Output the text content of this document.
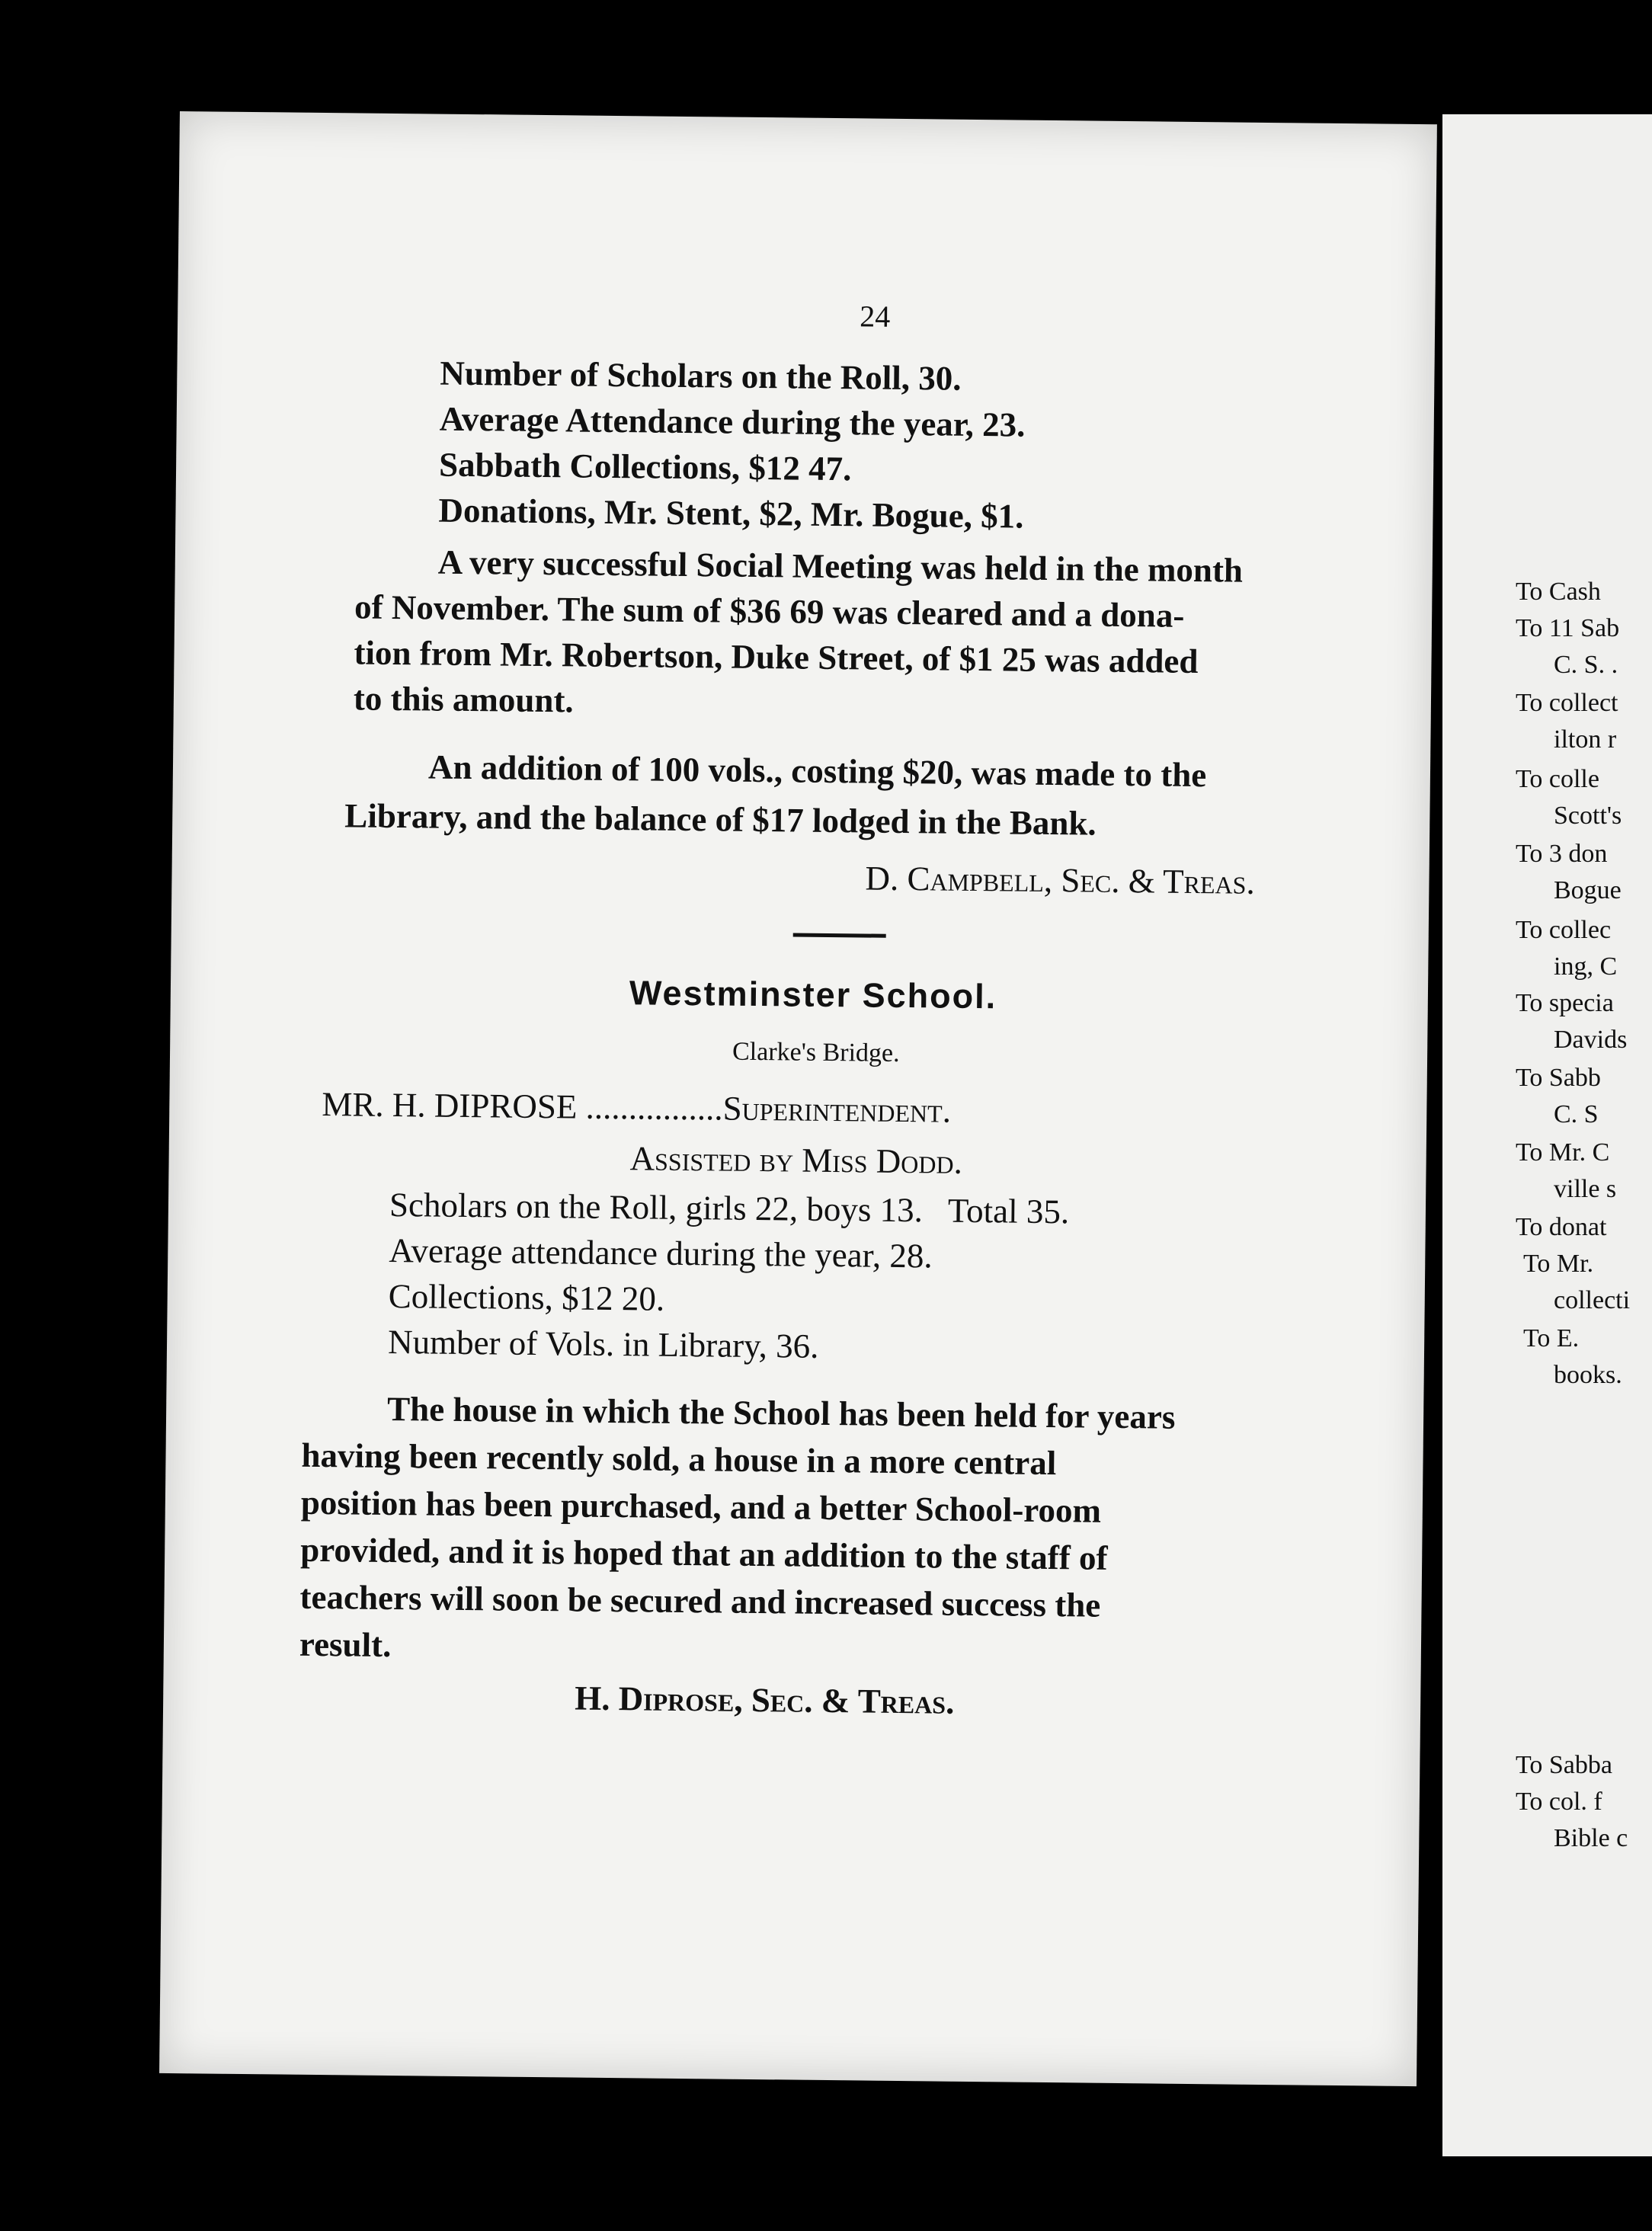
24
Number of Scholars on the Roll, 30.
Average Attendance during the year, 23.
Sabbath Collections, $12 47.
Donations, Mr. Stent, $2, Mr. Bogue, $1.
A very successful Social Meeting was held in the month
of November. The sum of $36 69 was cleared and a dona-
tion from Mr. Robertson, Duke Street, of $1 25 was added
to this amount.
An addition of 100 vols., costing $20, was made to the
Library, and the balance of $17 lodged in the Bank.
D. Campbell, Sec. & Treas.
Westminster School.
Clarke's Bridge.
MR. H. DIPROSE ................Superintendent.
Assisted by Miss Dodd.
Scholars on the Roll, girls 22, boys 13.   Total 35.
Average attendance during the year, 28.
Collections, $12 20.
Number of Vols. in Library, 36.
The house in which the School has been held for years
having been recently sold, a house in a more central
position has been purchased, and a better School-room
provided, and it is hoped that an addition to the staff of
teachers will soon be secured and increased success the
result.
H. Diprose, Sec. & Treas.
To Cash
To 11 Sab
C. S. .
To collect
ilton r
To colle
Scott's
To 3 don
Bogue
To collec
ing, C
To specia
Davids
To Sabb
C. S
To Mr. C
ville s
To donat
To Mr.
collecti
To E.
books.
To Sabba
To col. f
Bible c
